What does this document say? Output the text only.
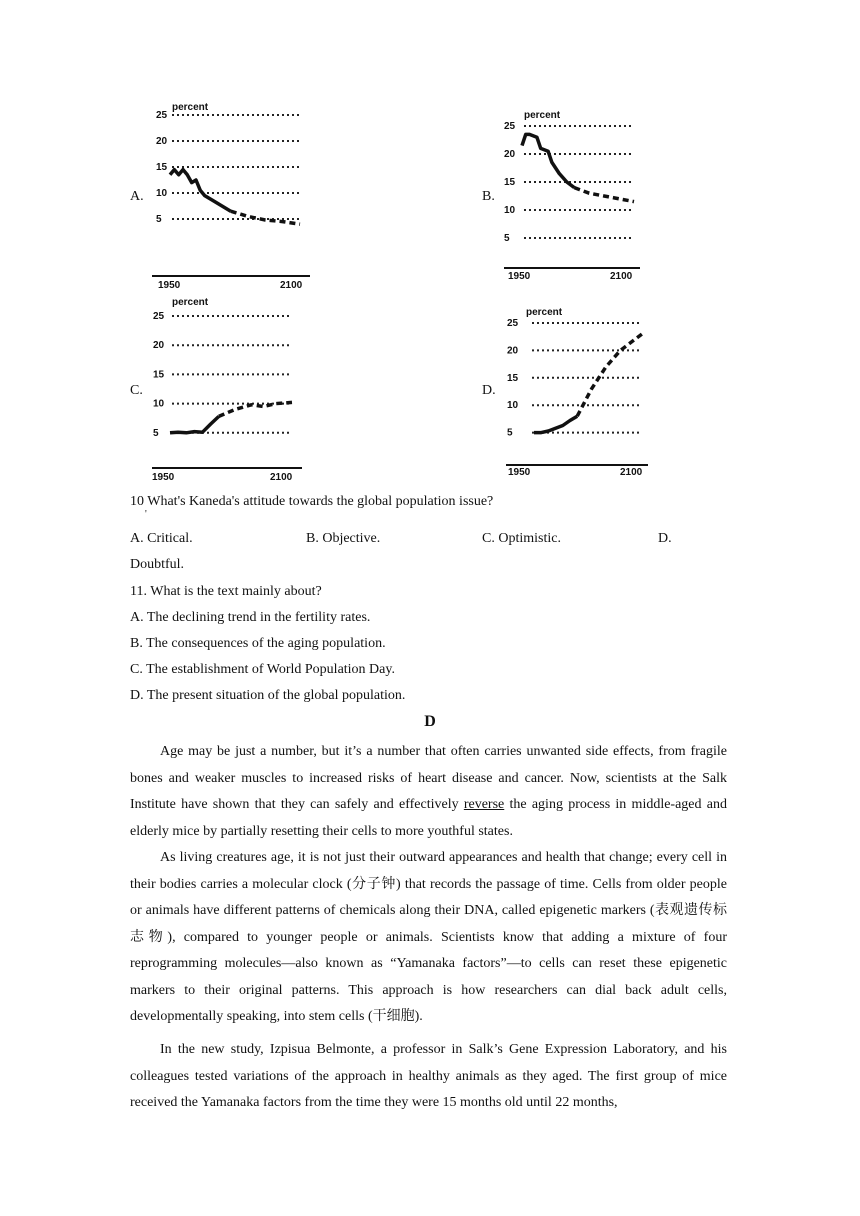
A.	B.
C.	D.
percent
5
10
15
20
25
1950	2100
percent
5
10
15
20
25
1950	2100
percent
5
10
15
20
25
1950	2100
percent
5
10
15
20
25
1950	2100
10 What's Kaneda's attitude towards the global population issue?
'
A. Critical.	B. Objective.	C. Optimistic.	D.
Doubtful.
11. What is the text mainly about?
A. The declining trend in the fertility rates.
B. The consequences of the aging population.
C. The establishment of World Population Day.
D. The present situation of the global population.
D
Age may be just a number, but it’s a number that often carries unwanted side effects, from fragile bones and weaker muscles to increased risks of heart disease and cancer. Now, scientists at the Salk Institute have shown that they can safely and effectively reverse the aging process in middle-aged and elderly mice by partially resetting their cells to more youthful states.
As living creatures age, it is not just their outward appearances and health that change; every cell in their bodies carries a molecular clock (分子钟) that records the passage of time. Cells from older people or animals have different patterns of chemicals along their DNA, called epigenetic markers (表观遗传标志物), compared to younger people or animals. Scientists know that adding a mixture of four reprogramming molecules—also known as “Yamanaka factors”—to cells can reset these epigenetic markers to their original patterns. This approach is how researchers can dial back adult cells, developmentally speaking, into stem cells (干细胞).
In the new study, Izpisua Belmonte, a professor in Salk’s Gene Expression Laboratory, and his colleagues tested variations of the approach in healthy animals as they aged. The first group of mice received the Yamanaka factors from the time they were 15 months old until 22 months,
